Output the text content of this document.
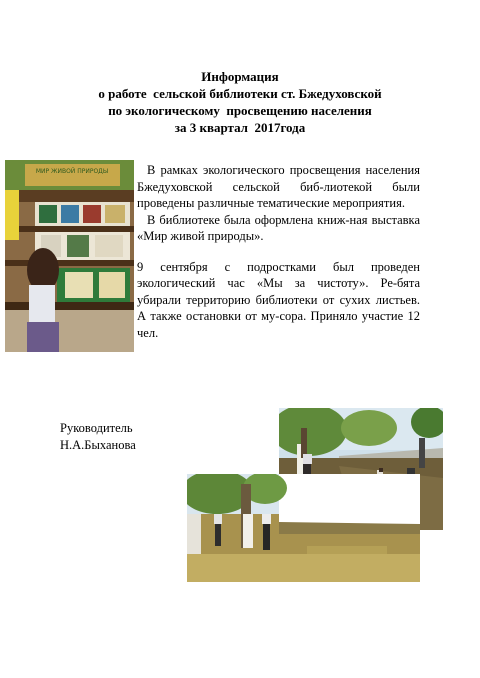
Информация
о работе  сельской библиотеки ст. Бжедуховской
по экологическому  просвещению населения
за 3 квартал  2017года
МИР ЖИВОЙ ПРИРОДЫ	В рамках экологического просвещения населения Бжедуховской сельской биб-лиотекой были проведены различные тематические мероприятия.

В библиотеке была оформлена книж-ная выставка «Мир живой природы».

9 сентября с подростками был проведен экологический час «Мы за чистоту». Ре-бята убирали территорию библиотеки от сухих листьев. А также остановки от му-сора. Приняло участие 12 чел.

Руководитель
Н.А.Быханова
